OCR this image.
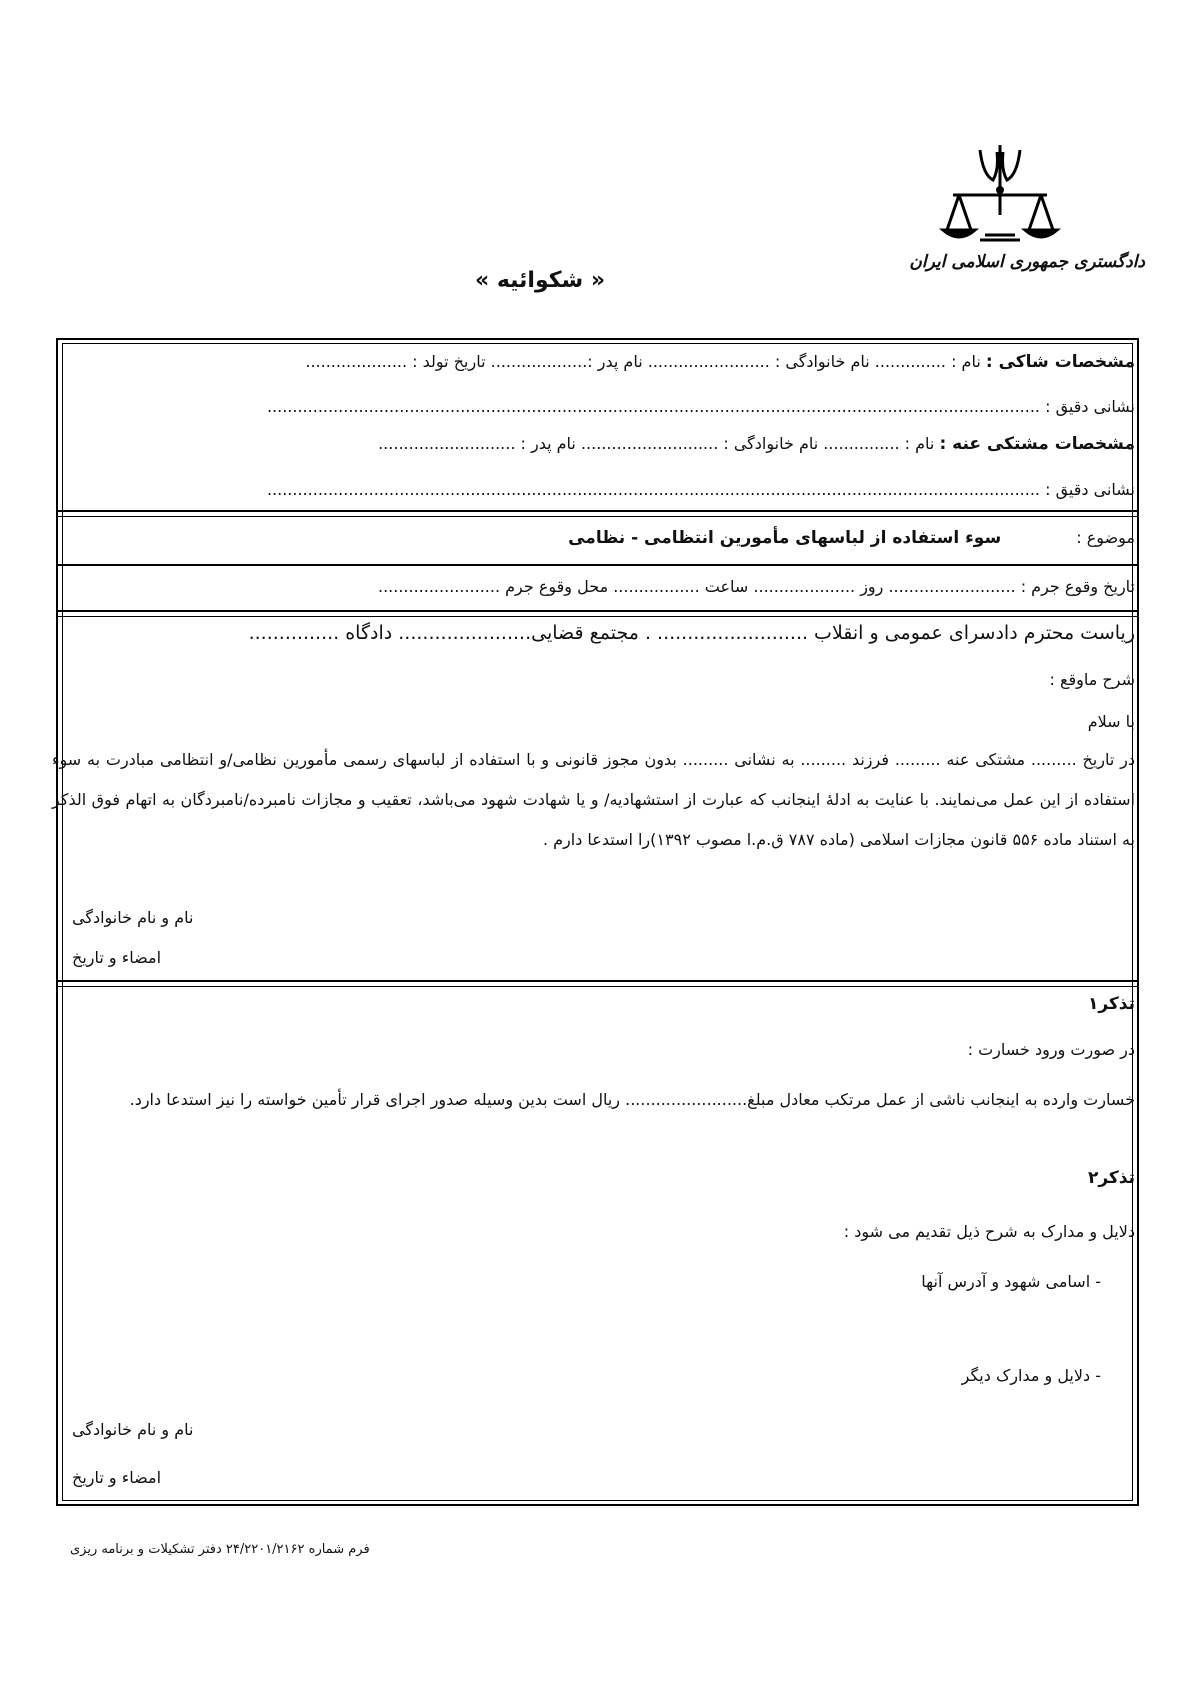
دادگستری جمهوری اسلامی ایران
« شکوائیه »
مشخصات شاکی : نام : .............. نام خانوادگی : ........................ نام پدر :................... تاریخ تولد : ....................
نشانی دقیق : ........................................................................................................................................................
مشخصات مشتکی عنه : نام : ............... نام خانوادگی : ........................... نام پدر : ...........................
نشانی دقیق : ........................................................................................................................................................
موضوع : سوء استفاده از لباسهای مأمورین انتظامی - نظامی
تاریخ وقوع جرم : ......................... روز .................... ساعت ................. محل وقوع جرم ........................
ریاست محترم دادسرای عمومی و انقلاب ......................... . مجتمع قضایی...................... دادگاه ...............
شرح ماوقع :
با سلام
در تاریخ ......... مشتکی عنه ......... فرزند ......... به نشانی ......... بدون مجوز قانونی و با استفاده از لباسهای رسمی مأمورین نظامی/و انتظامی مبادرت به سوء استفاده از این عمل می‌نمایند. با عنایت به ادلهٔ اینجانب که عبارت از استشهادیه/ و یا شهادت شهود می‌باشد، تعقیب و مجازات نامبرده/نامبردگان به اتهام فوق الذکر به استناد ماده ۵۵۶ قانون مجازات اسلامی (ماده ۷۸۷ ق.م.ا مصوب ۱۳۹۲)را استدعا دارم .
نام و نام خانوادگی
امضاء و تاریخ
تذکر۱
در صورت ورود خسارت :
خسارت وارده به اینجانب ناشی از عمل مرتکب معادل مبلغ........................ ریال است بدین وسیله صدور اجرای قرار تأمین خواسته را نیز استدعا دارد.
تذکر۲
دلایل و مدارک به شرح ذیل تقدیم می شود :
- اسامی شهود و آدرس آنها
- دلایل و مدارک دیگر
نام و نام خانوادگی
امضاء و تاریخ
فرم شماره ۲۴/۲۲۰۱/۲۱۶۲ دفتر تشکیلات و برنامه ریزی
